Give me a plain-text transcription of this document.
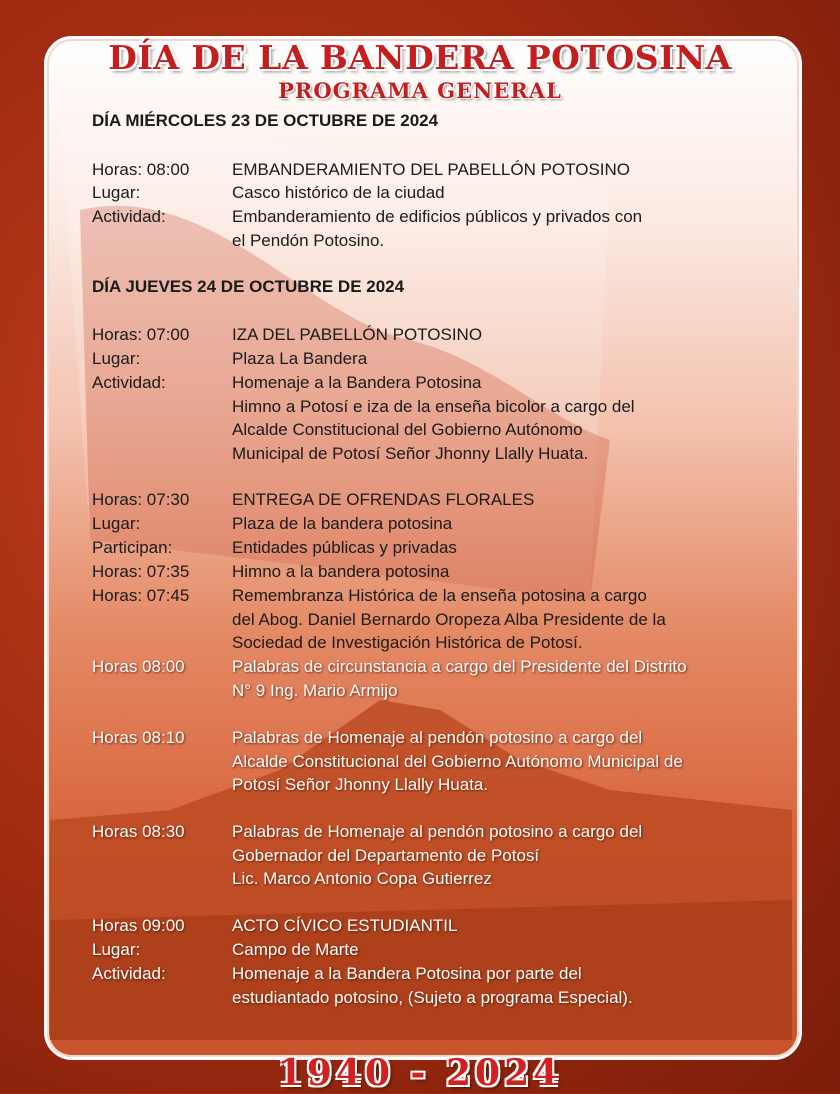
DÍA DE LA BANDERA POTOSINA
PROGRAMA GENERAL
DÍA MIÉRCOLES 23 DE OCTUBRE DE 2024
Horas: 08:00	EMBANDERAMIENTO DEL PABELLÓN POTOSINO
Lugar:	Casco histórico de la ciudad
Actividad:	Embanderamiento de edificios públicos y privados con
el Pendón Potosino.
DÍA JUEVES 24 DE OCTUBRE DE 2024
Horas: 07:00	IZA DEL PABELLÓN POTOSINO
Lugar:	Plaza La Bandera
Actividad:	Homenaje a la Bandera Potosina
Himno a Potosí e iza de la enseña bicolor a cargo del
Alcalde Constitucional del Gobierno Autónomo
Municipal de Potosí Señor Jhonny Llally Huata.
Horas: 07:30	ENTREGA DE OFRENDAS FLORALES
Lugar:	Plaza de la bandera potosina
Participan:	Entidades públicas y privadas
Horas: 07:35	Himno a la bandera potosina
Horas: 07:45	Remembranza Histórica de la enseña potosina a cargo
del Abog. Daniel Bernardo Oropeza Alba Presidente de la
Sociedad de Investigación Histórica de Potosí.
Horas 08:00	Palabras de circunstancia a cargo del Presidente del Distrito
N° 9 Ing. Mario Armijo
Horas 08:10	Palabras de Homenaje al pendón potosino a cargo del
Alcalde Constitucional del Gobierno Autónomo Municipal de
Potosí Señor Jhonny Llally Huata.
Horas 08:30	Palabras de Homenaje al pendón potosino a cargo del
Gobernador del Departamento de Potosí
Lic. Marco Antonio Copa Gutierrez
Horas 09:00	ACTO CÍVICO ESTUDIANTIL
Lugar:	Campo de Marte
Actividad:	Homenaje a la Bandera Potosina por parte del
estudiantado potosino, (Sujeto a programa Especial).
1940 - 2024
